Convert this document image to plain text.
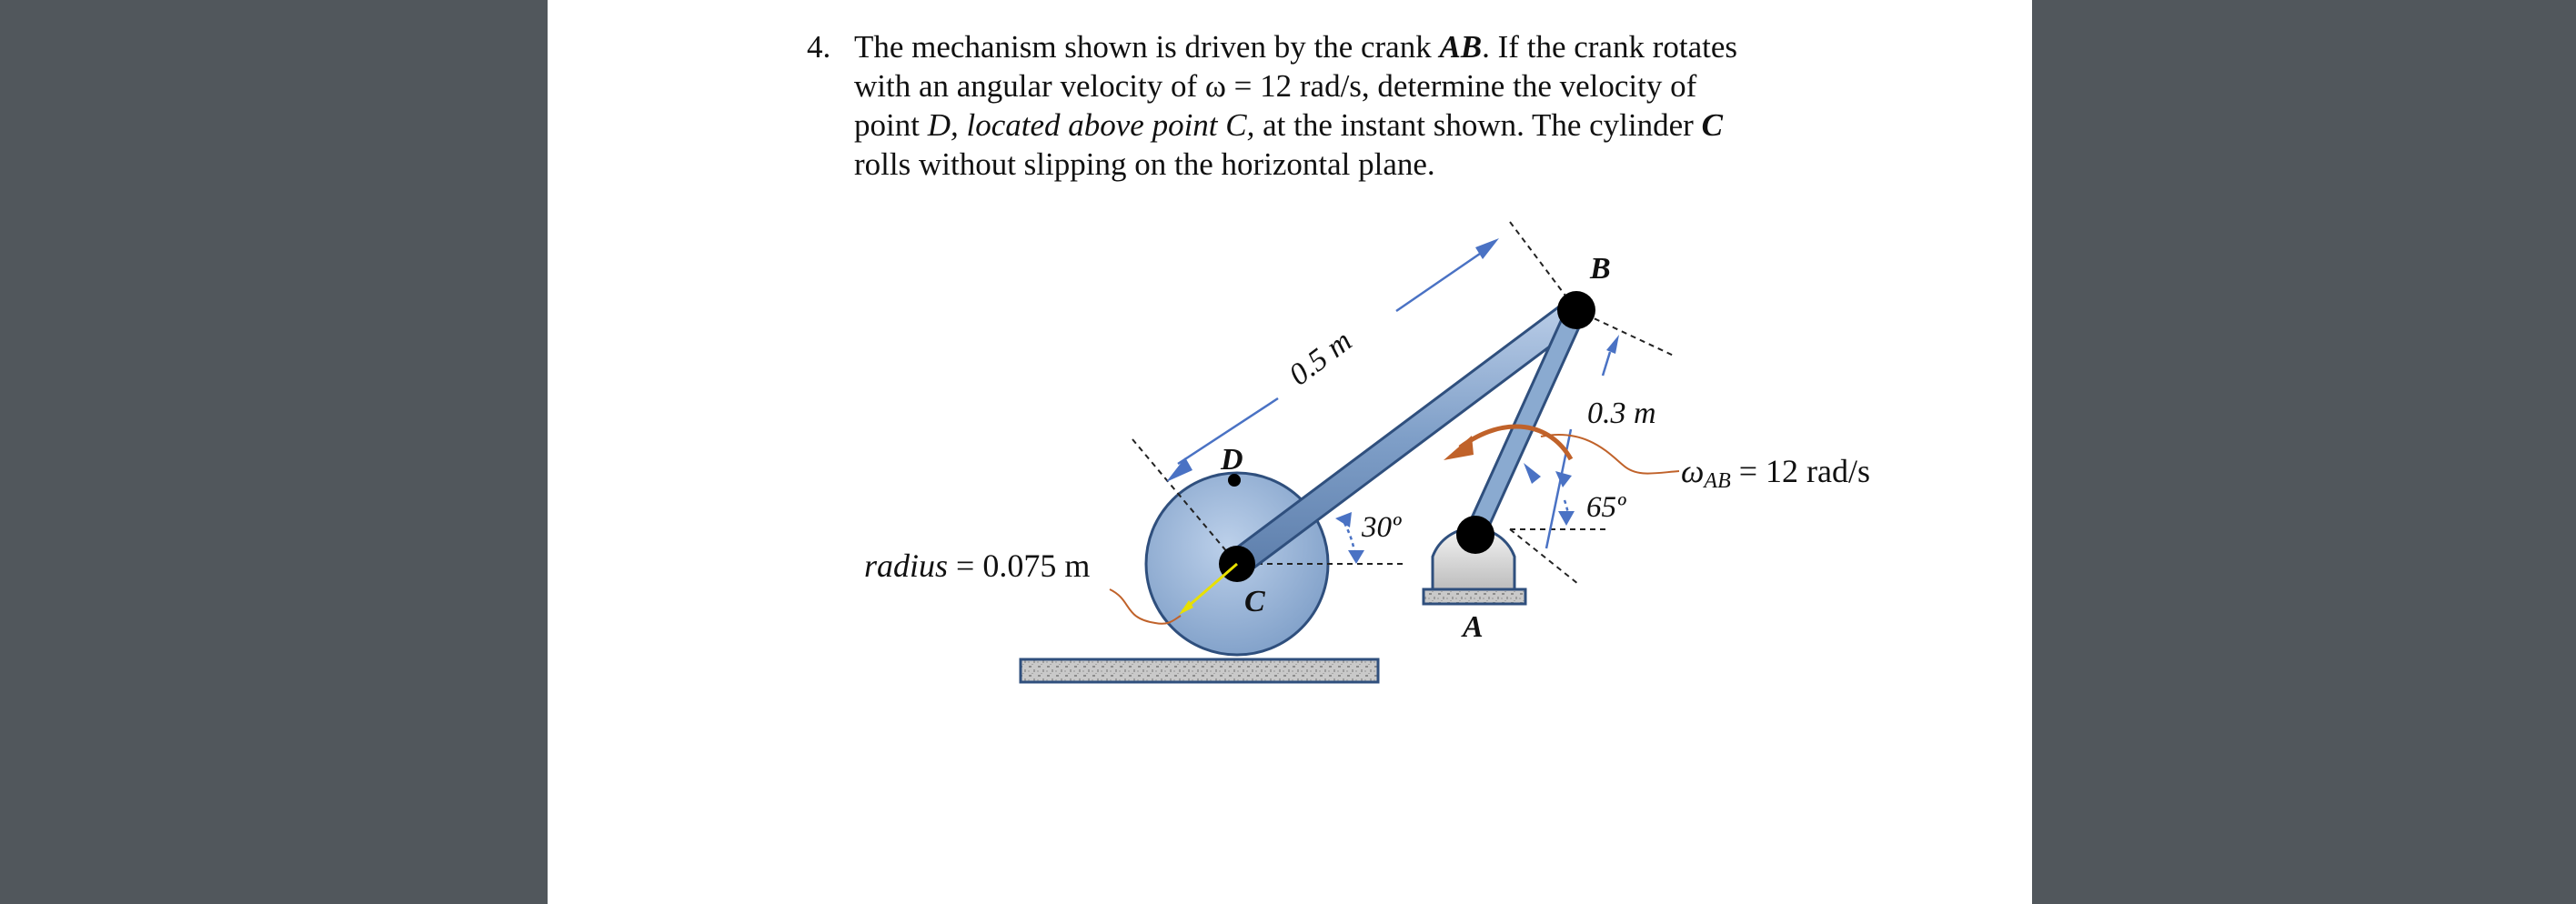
4. The mechanism shown is driven by the crank AB. If the crank rotates
with an angular velocity of ω = 12 rad/s, determine the velocity of
point D, located above point C, at the instant shown. The cylinder C
rolls without slipping on the horizontal plane.
B
D
C
A
0.5 m
0.3 m
30º
65º
ωAB = 12 rad/s
radius = 0.075 m
